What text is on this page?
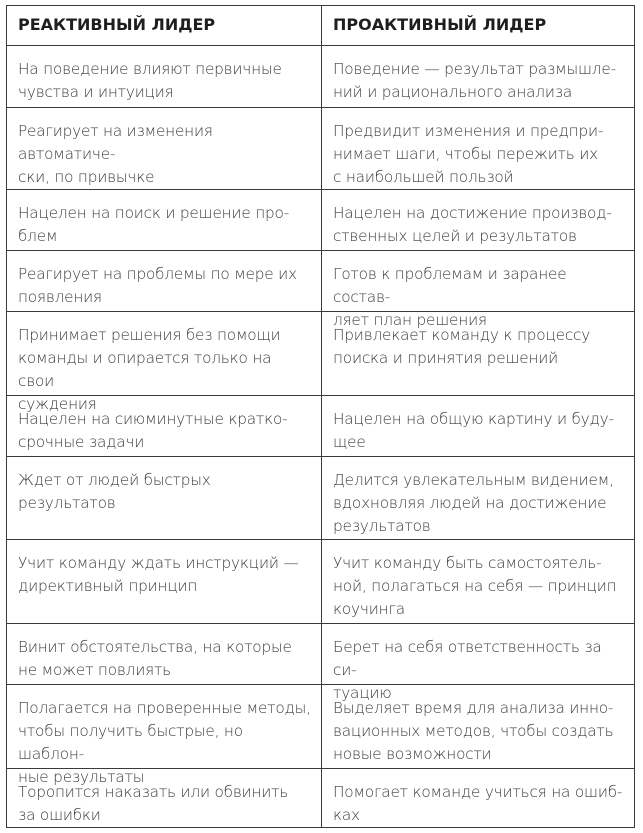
РЕАКТИВНЫЙ ЛИДЕР	ПРОАКТИВНЫЙ ЛИДЕР
На поведение влияют первичные
чувства и интуиция
Поведение — результат размышле-
ний и рационального анализа
Реагирует на изменения автоматиче-
ски, по привычке
Предвидит изменения и предпри-
нимает шаги, чтобы пережить их
с наибольшей пользой
Нацелен на поиск и решение про-
блем
Нацелен на достижение производ-
ственных целей и результатов
Реагирует на проблемы по мере их
появления
Готов к проблемам и заранее состав-
ляет план решения
Принимает решения без помощи
команды и опирается только на свои
суждения
Привлекает команду к процессу
поиска и принятия решений
Нацелен на сиюминутные кратко-
срочные задачи
Нацелен на общую картину и буду-
щее
Ждет от людей быстрых результатов
Делится увлекательным видением,
вдохновляя людей на достижение
результатов
Учит команду ждать инструкций —
директивный принцип
Учит команду быть самостоятель-
ной, полагаться на себя — принцип
коучинга
Винит обстоятельства, на которые
не может повлиять
Берет на себя ответственность за си-
туацию
Полагается на проверенные методы,
чтобы получить быстрые, но шаблон-
ные результаты
Выделяет время для анализа инно-
вационных методов, чтобы создать
новые возможности
Торопится наказать или обвинить
за ошибки
Помогает команде учиться на ошиб-
ках
